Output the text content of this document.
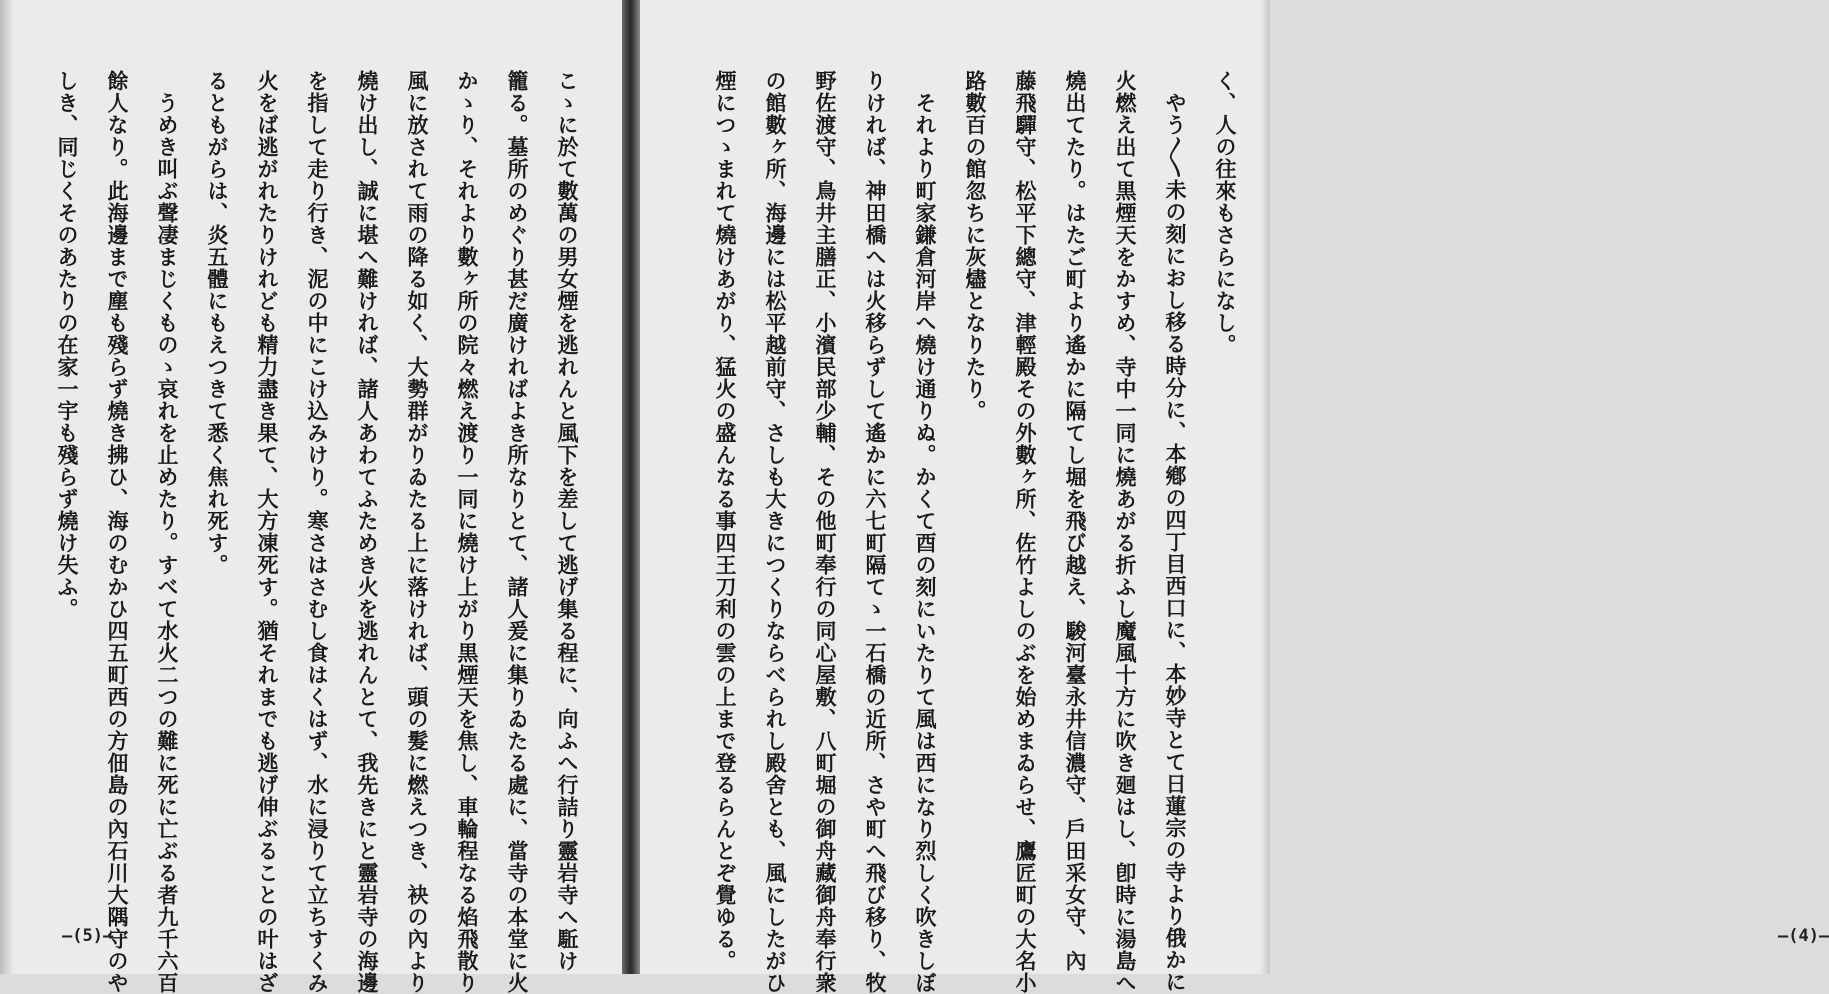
こゝに於て數萬の男女煙を逃れんと風下を差して逃げ集る程に、向ふへ行詰り靈岩寺へ駈け
籠る。墓所のめぐり甚だ廣ければよき所なりとて、諸人爰に集りゐたる處に、當寺の本堂に火
かゝり、それより數ヶ所の院々燃え渡り一同に燒け上がり黒煙天を焦し、車輪程なる焰飛散り
風に放されて雨の降る如く、大勢群がりゐたる上に落ければ、頭の髮に燃えつき、袂の內より
燒け出し、誠に堪へ難ければ、諸人あわてふためき火を逃れんとて、我先きにと靈岩寺の海邊
を指して走り行き、泥の中にこけ込みけり。寒さはさむし食はくはず、水に浸りて立ちすくみ
火をば逃がれたりけれども精力盡き果て、大方凍死す。猶それまでも逃げ伸ぶることの叶はざ
るともがらは、炎五體にもえつきて悉く焦れ死す。
　うめき叫ぶ聲凄まじくものゝ哀れを止めたり。すべて水火二つの難に死に亡ぶる者九千六百
餘人なり。此海邊まで塵も殘らず燒き拂ひ、海のむかひ四五町西の方佃島の內石川大隅守のや
しき、同じくそのあたりの在家一宇も殘らず燒け失ふ。
—(5)—
く、人の往來もさらになし。
　やう〳〵未の刻におし移る時分に、本鄕の四丁目西口に、本妙寺とて日蓮宗の寺より俄かに
火燃え出て黒煙天をかすめ、寺中一同に燒あがる折ふし魔風十方に吹き廻はし、卽時に湯島へ
燒出てたり。はたご町より遙かに隔てし堀を飛び越え、駿河臺永井信濃守、戶田采女守、內
藤飛驒守、松平下總守、津輕殿その外數ヶ所、佐竹よしのぶを始めまゐらせ、鷹匠町の大名小
路數百の館忽ちに灰燼となりたり。
　それより町家鎌倉河岸へ燒け通りぬ。かくて酉の刻にいたりて風は西になり烈しく吹きしぼ
りければ、神田橋へは火移らずして遙かに六七町隔てゝ一石橋の近所、さや町へ飛び移り、牧
野佐渡守、鳥井主膳正、小濱民部少輔、その他町奉行の同心屋敷、八町堀の御舟藏御舟奉行衆
の館數ヶ所、海邊には松平越前守、さしも大きにつくりならべられし殿舍とも、風にしたがひ
煙につゝまれて燒けあがり、猛火の盛んなる事四王刀利の雲の上まで登るらんとぞ覺ゆる。	—(4)—
